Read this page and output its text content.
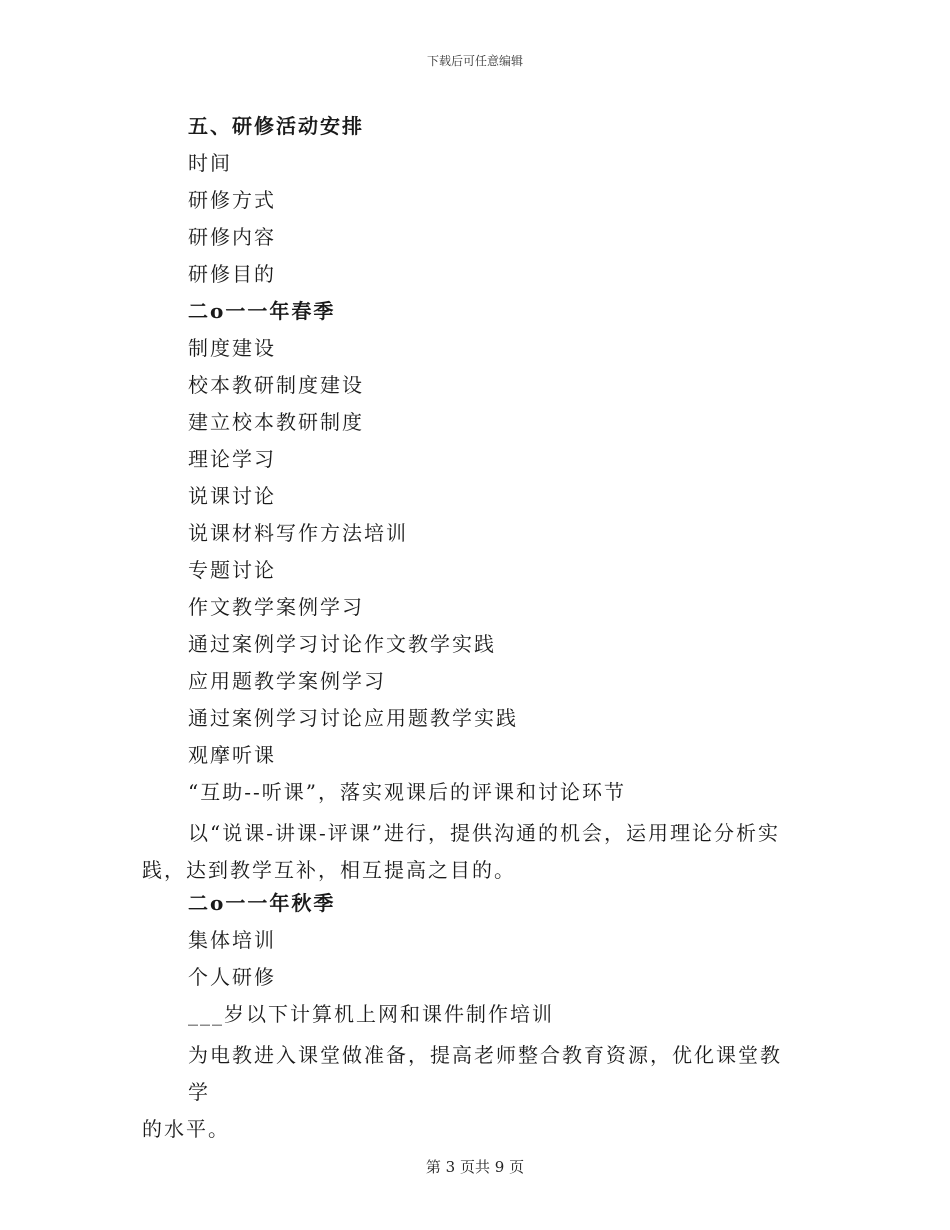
下载后可任意编辑
五、研修活动安排
时间
研修方式
研修内容
研修目的
二o一一年春季
制度建设
校本教研制度建设
建立校本教研制度
理论学习
说课讨论
说课材料写作方法培训
专题讨论
作文教学案例学习
通过案例学习讨论作文教学实践
应用题教学案例学习
通过案例学习讨论应用题教学实践
观摩听课
“互助--听课”，落实观课后的评课和讨论环节
以“说课-讲课-评课”进行，提供沟通的机会，运用理论分析实
践，达到教学互补，相互提高之目的。
二o一一年秋季
集体培训
个人研修
___岁以下计算机上网和课件制作培训
为电教进入课堂做准备，提高老师整合教育资源，优化课堂教学
的水平。
第 3 页共 9 页
